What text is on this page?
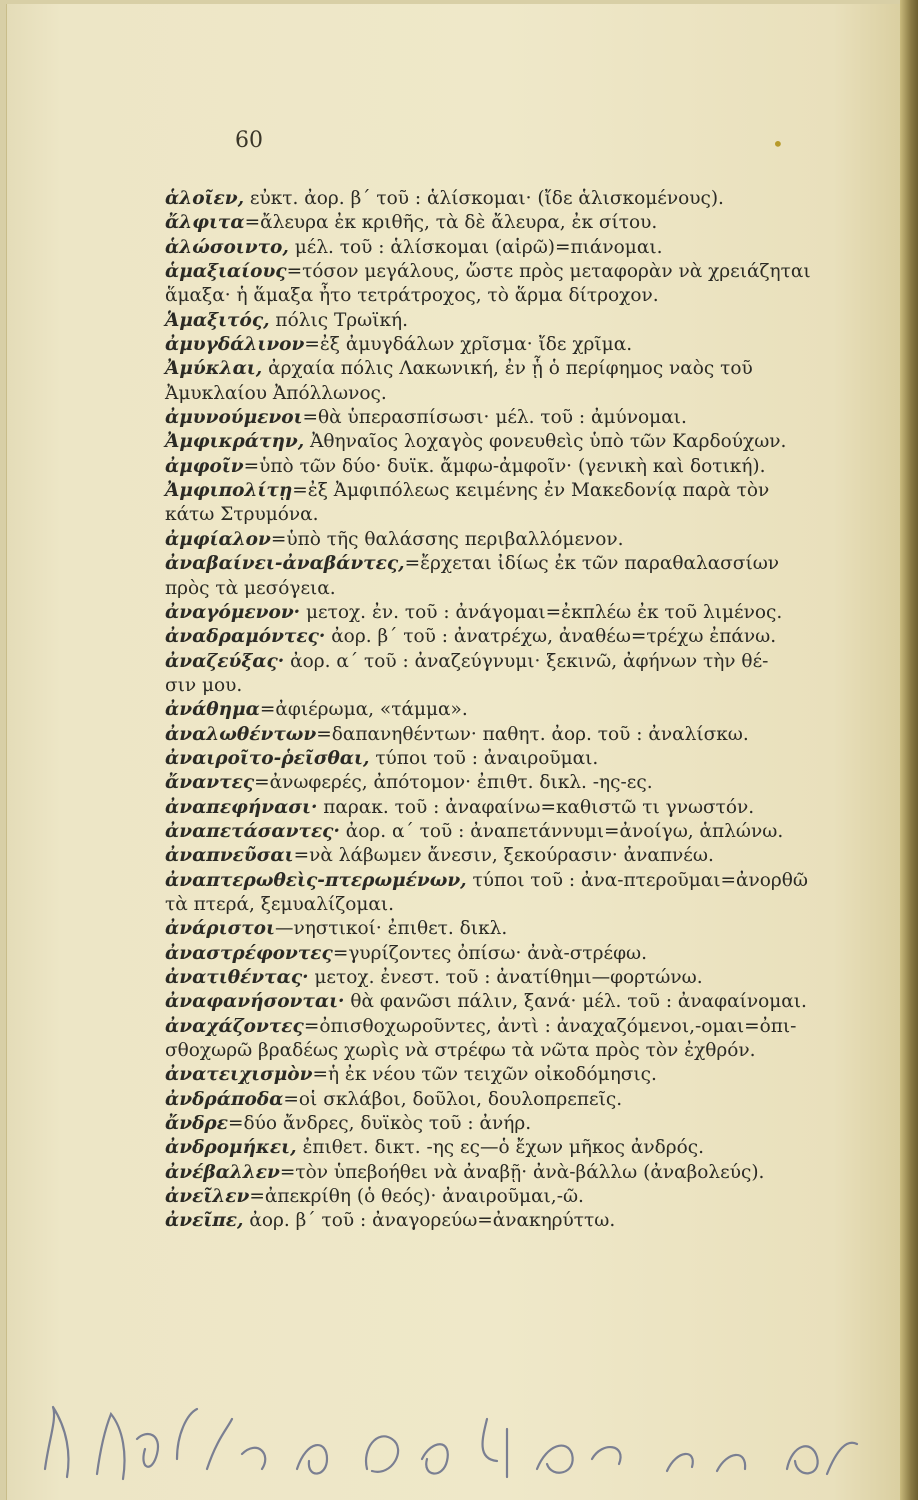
60	•
ἁλοῖεν, εὐκτ. ἀορ. β΄ τοῦ : ἁλίσκομαι· (ἴδε ἁλισκομένους).
ἄλφιτα=ἄλευρα ἐκ κριθῆς, τὰ δὲ ἄλευρα, ἐκ σίτου.
ἁλώσοιντο, μέλ. τοῦ : ἁλίσκομαι (αἱρῶ)=πιάνομαι.
ἁμαξιαίους=τόσον μεγάλους, ὥστε πρὸς μεταφορὰν νὰ χρειάζηται
ἅμαξα· ἡ ἅμαξα ἦτο τετράτροχος, τὸ ἅρμα δίτροχον.
Ἁμαξιτός, πόλις Τρωϊκή.
ἀμυγδάλινον=ἐξ ἀμυγδάλων χρῖσμα· ἴδε χρῖμα.
Ἀμύκλαι, ἀρχαία πόλις Λακωνική, ἐν ᾗ ὁ περίφημος ναὸς τοῦ
Ἀμυκλαίου Ἀπόλλωνος.
ἀμυνούμενοι=θὰ ὑπερασπίσωσι· μέλ. τοῦ : ἀμύνομαι.
Ἀμφικράτην, Ἀθηναῖος λοχαγὸς φονευθεὶς ὑπὸ τῶν Καρδούχων.
ἀμφοῖν=ὑπὸ τῶν δύο· δυϊκ. ἄμφω-ἀμφοῖν· (γενικὴ καὶ δοτική).
Ἀμφιπολίτῃ=ἐξ Ἀμφιπόλεως κειμένης ἐν Μακεδονίᾳ παρὰ τὸν
κάτω Στρυμόνα.
ἀμφίαλον=ὑπὸ τῆς θαλάσσης περιβαλλόμενον.
ἀναβαίνει-ἀναβάντες,=ἔρχεται ἰδίως ἐκ τῶν παραθαλασσίων
πρὸς τὰ μεσόγεια.
ἀναγόμενον· μετοχ. ἐν. τοῦ : ἀνάγομαι=ἐκπλέω ἐκ τοῦ λιμένος.
ἀναδραμόντες· ἀορ. β΄ τοῦ : ἀνατρέχω, ἀναθέω=τρέχω ἐπάνω.
ἀναζεύξας· ἀορ. α΄ τοῦ : ἀναζεύγνυμι· ξεκινῶ, ἀφήνων τὴν θέ-
σιν μου.
ἀνάθημα=ἀφιέρωμα, «τάμμα».
ἀναλωθέντων=δαπανηθέντων· παθητ. ἀορ. τοῦ : ἀναλίσκω.
ἀναιροῖτο-ῥεῖσθαι, τύποι τοῦ : ἀναιροῦμαι.
ἄναντες=ἀνωφερές, ἀπότομον· ἐπιθτ. δικλ. -ης-ες.
ἀναπεφήνασι· παρακ. τοῦ : ἀναφαίνω=καθιστῶ τι γνωστόν.
ἀναπετάσαντες· ἀορ. α΄ τοῦ : ἀναπετάννυμι=ἀνοίγω, ἁπλώνω.
ἀναπνεῦσαι=νὰ λάβωμεν ἄνεσιν, ξεκούρασιν· ἀναπνέω.
ἀναπτερωθεὶς-πτερωμένων, τύποι τοῦ : ἀνα-πτεροῦμαι=ἀνορθῶ
τὰ πτερά, ξεμυαλίζομαι.
ἀνάριστοι—νηστικοί· ἐπιθετ. δικλ.
ἀναστρέφοντες=γυρίζοντες ὀπίσω· ἀνὰ-στρέφω.
ἀνατιθέντας· μετοχ. ἐνεστ. τοῦ : ἀνατίθημι—φορτώνω.
ἀναφανήσονται· θὰ φανῶσι πάλιν, ξανά· μέλ. τοῦ : ἀναφαίνομαι.
ἀναχάζοντες=ὀπισθοχωροῦντες, ἀντὶ : ἀναχαζόμενοι,-ομαι=ὀπι-
σθοχωρῶ βραδέως χωρὶς νὰ στρέφω τὰ νῶτα πρὸς τὸν ἐχθρόν.
ἀνατειχισμὸν=ἡ ἐκ νέου τῶν τειχῶν οἰκοδόμησις.
ἀνδράποδα=οἱ σκλάβοι, δοῦλοι, δουλοπρεπεῖς.
ἄνδρε=δύο ἄνδρες, δυϊκὸς τοῦ : ἀνήρ.
ἀνδρομήκει, ἐπιθετ. δικτ. -ης ες—ὁ ἔχων μῆκος ἀνδρός.
ἀνέβαλλεν=τὸν ὑπεβοήθει νὰ ἀναβῇ· ἀνὰ-βάλλω (ἀναβολεύς).
ἀνεῖλεν=ἀπεκρίθη (ὁ θεός)· ἀναιροῦμαι,-ῶ.
ἀνεῖπε, ἀορ. β΄ τοῦ : ἀναγορεύω=ἀνακηρύττω.
